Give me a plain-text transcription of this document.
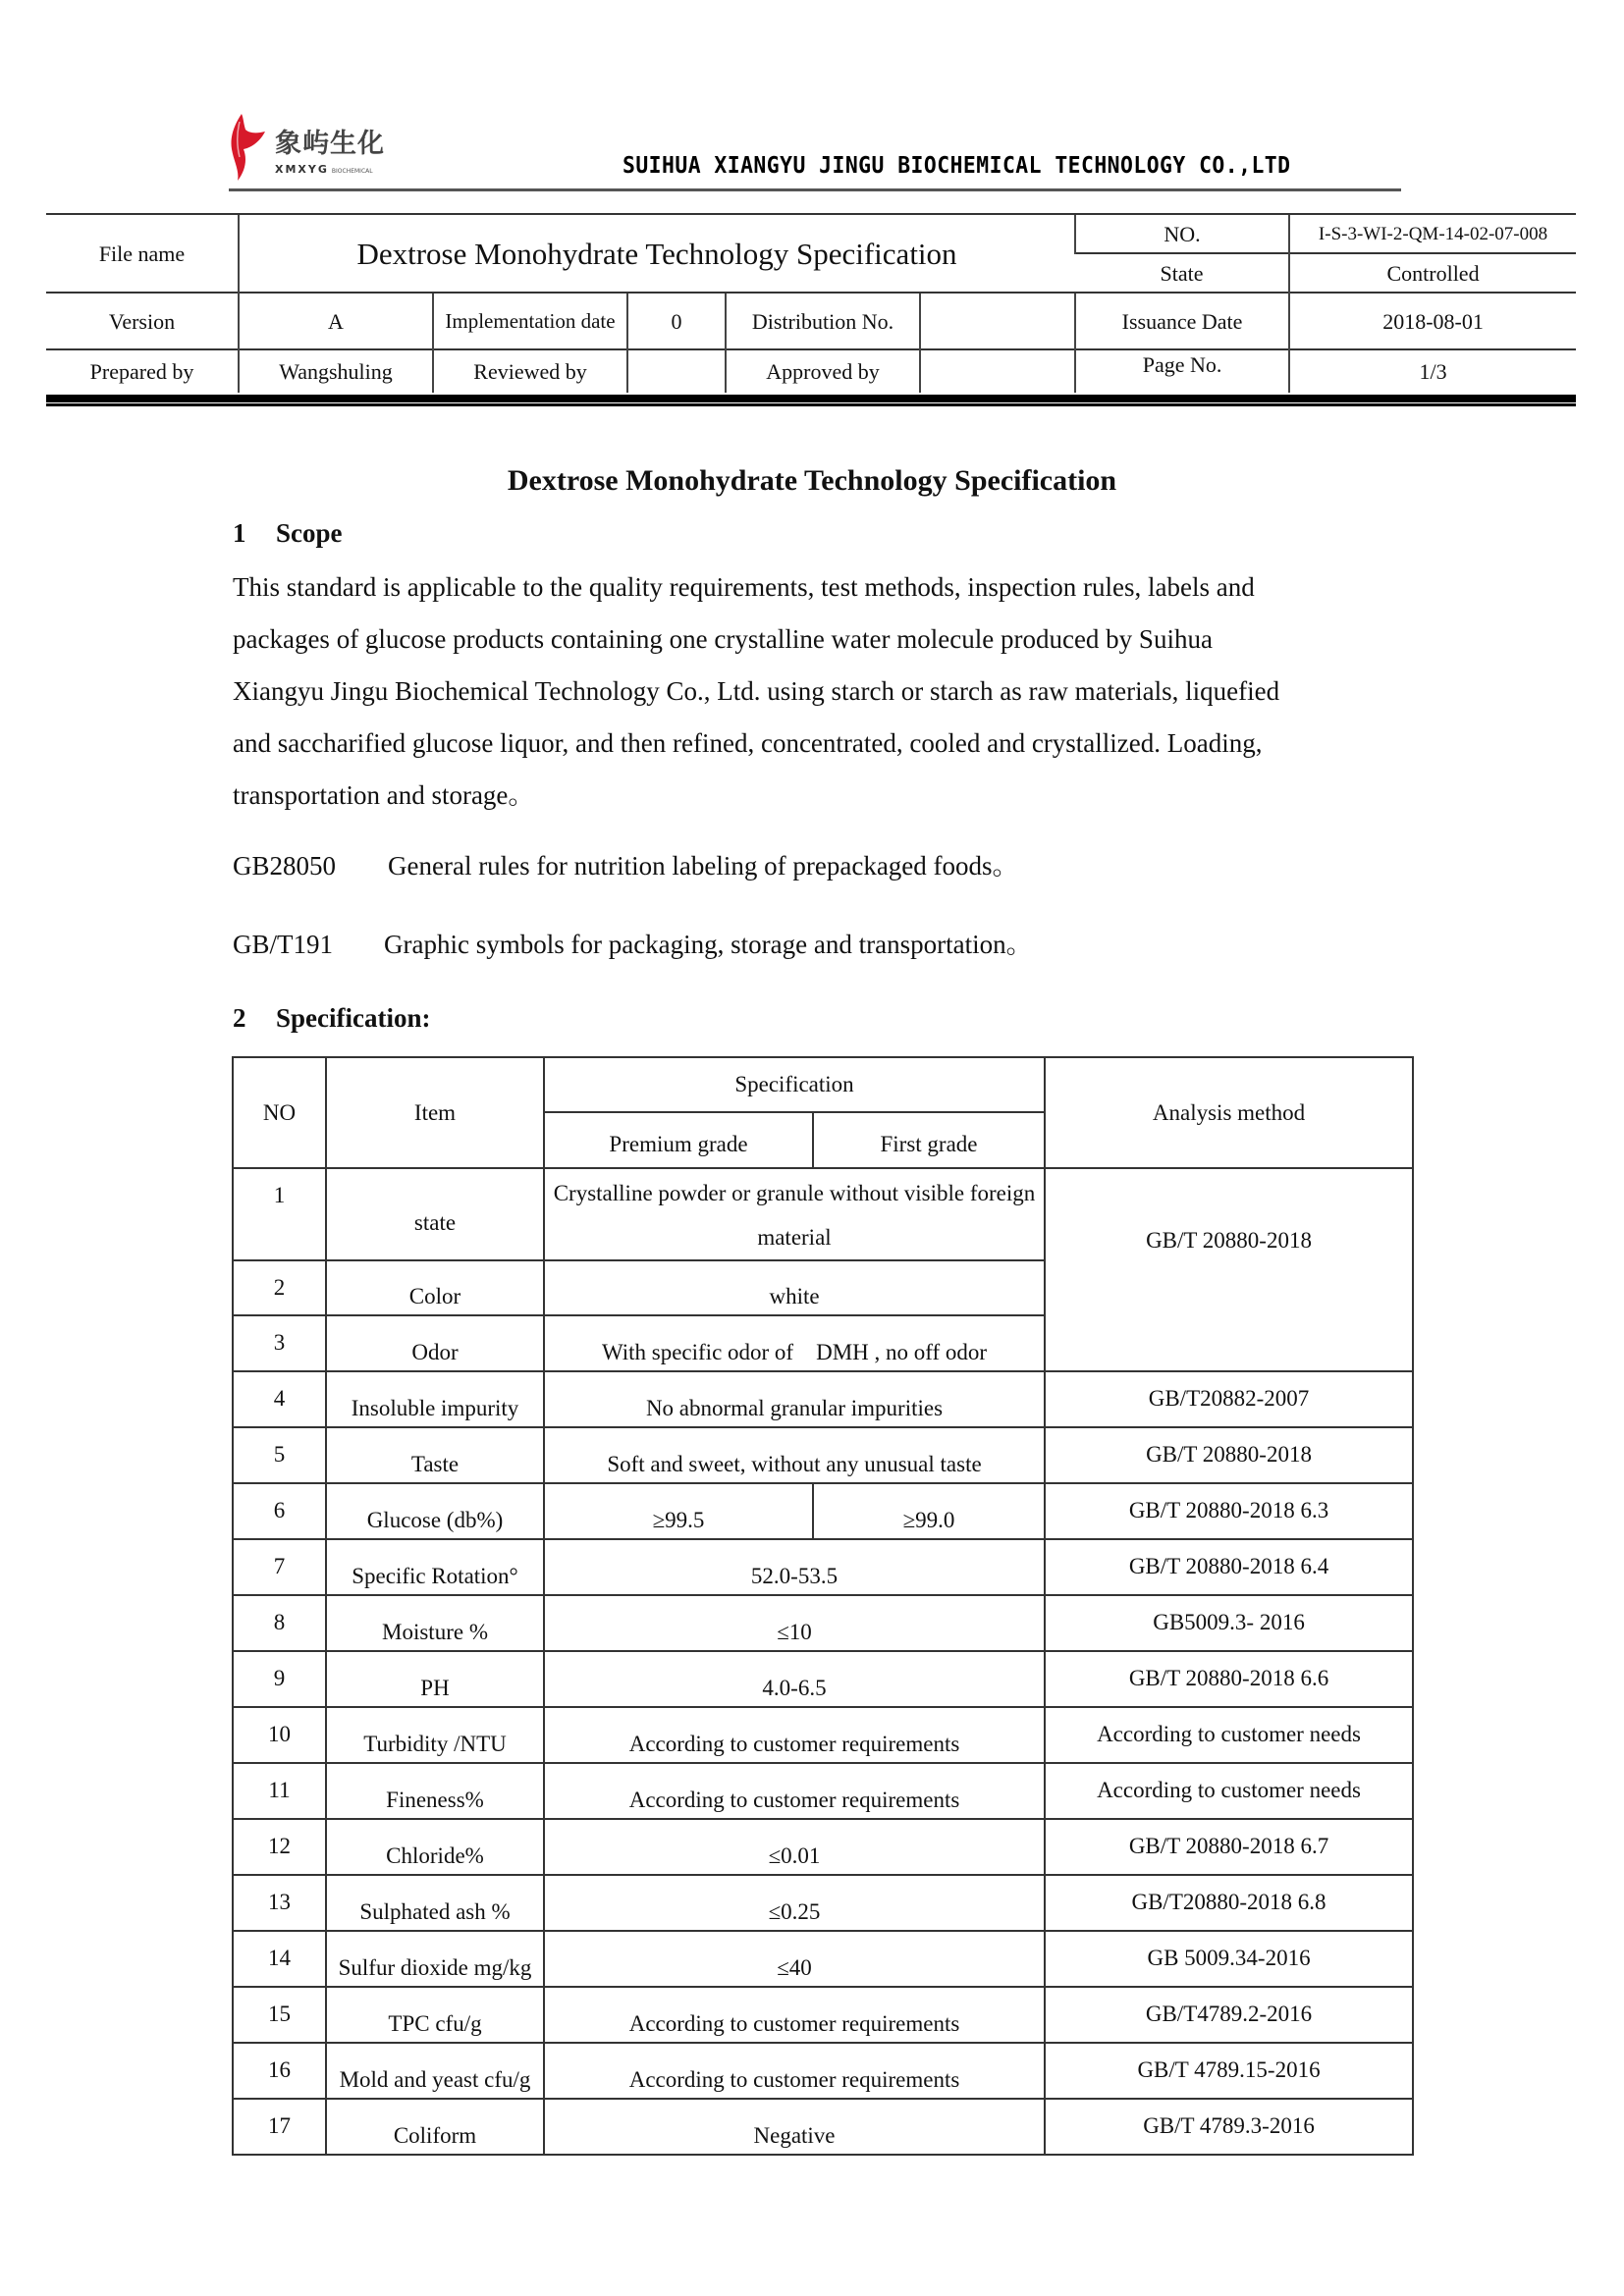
象屿生化
XMXYG BIOCHEMICAL	SUIHUA XIANGYU JINGU BIOCHEMICAL TECHNOLOGY CO.,LTD
File name	Dextrose Monohydrate Technology Specification					NO.	I-S-3-WI-2-QM-14-02-07-008
						State	Controlled
Version	A	Implementation date	0	Distribution No.		Issuance Date	2018-08-01
Prepared by	Wangshuling	Reviewed by		Approved by		Page No.	1/3
Dextrose Monohydrate Technology Specification
1 Scope
This standard is applicable to the quality requirements, test methods, inspection rules, labels and
packages of glucose products containing one crystalline water molecule produced by Suihua
Xiangyu Jingu Biochemical Technology Co., Ltd. using starch or starch as raw materials, liquefied
and saccharified glucose liquor, and then refined, concentrated, cooled and crystallized. Loading,
transportation and storage。
GB28050 General rules for nutrition labeling of prepackaged foods。
GB/T191 Graphic symbols for packaging, storage and transportation。
2 Specification:
NO	Item	Specification		Analysis method
		Premium grade	First grade	
1	state	Crystalline powder or granule without visible foreign material		GB/T 20880-2018
2	Color	white		
3	Odor	With specific odor of    DMH , no off odor		
4	Insoluble impurity	No abnormal granular impurities		GB/T20882-2007
5	Taste	Soft and sweet, without any unusual taste		GB/T 20880-2018
6	Glucose (db%)	≥99.5	≥99.0	GB/T 20880-2018 6.3
7	Specific Rotation°	52.0-53.5		GB/T 20880-2018 6.4
8	Moisture %	≤10		GB5009.3- 2016
9	PH	4.0-6.5		GB/T 20880-2018 6.6
10	Turbidity /NTU	According to customer requirements		According to customer needs
11	Fineness%	According to customer requirements		According to customer needs
12	Chloride%	≤0.01		GB/T 20880-2018 6.7
13	Sulphated ash %	≤0.25		GB/T20880-2018 6.8
14	Sulfur dioxide mg/kg	≤40		GB 5009.34-2016
15	TPC cfu/g	According to customer requirements		GB/T4789.2-2016
16	Mold and yeast cfu/g	According to customer requirements		GB/T 4789.15-2016
17	Coliform	Negative		GB/T 4789.3-2016
